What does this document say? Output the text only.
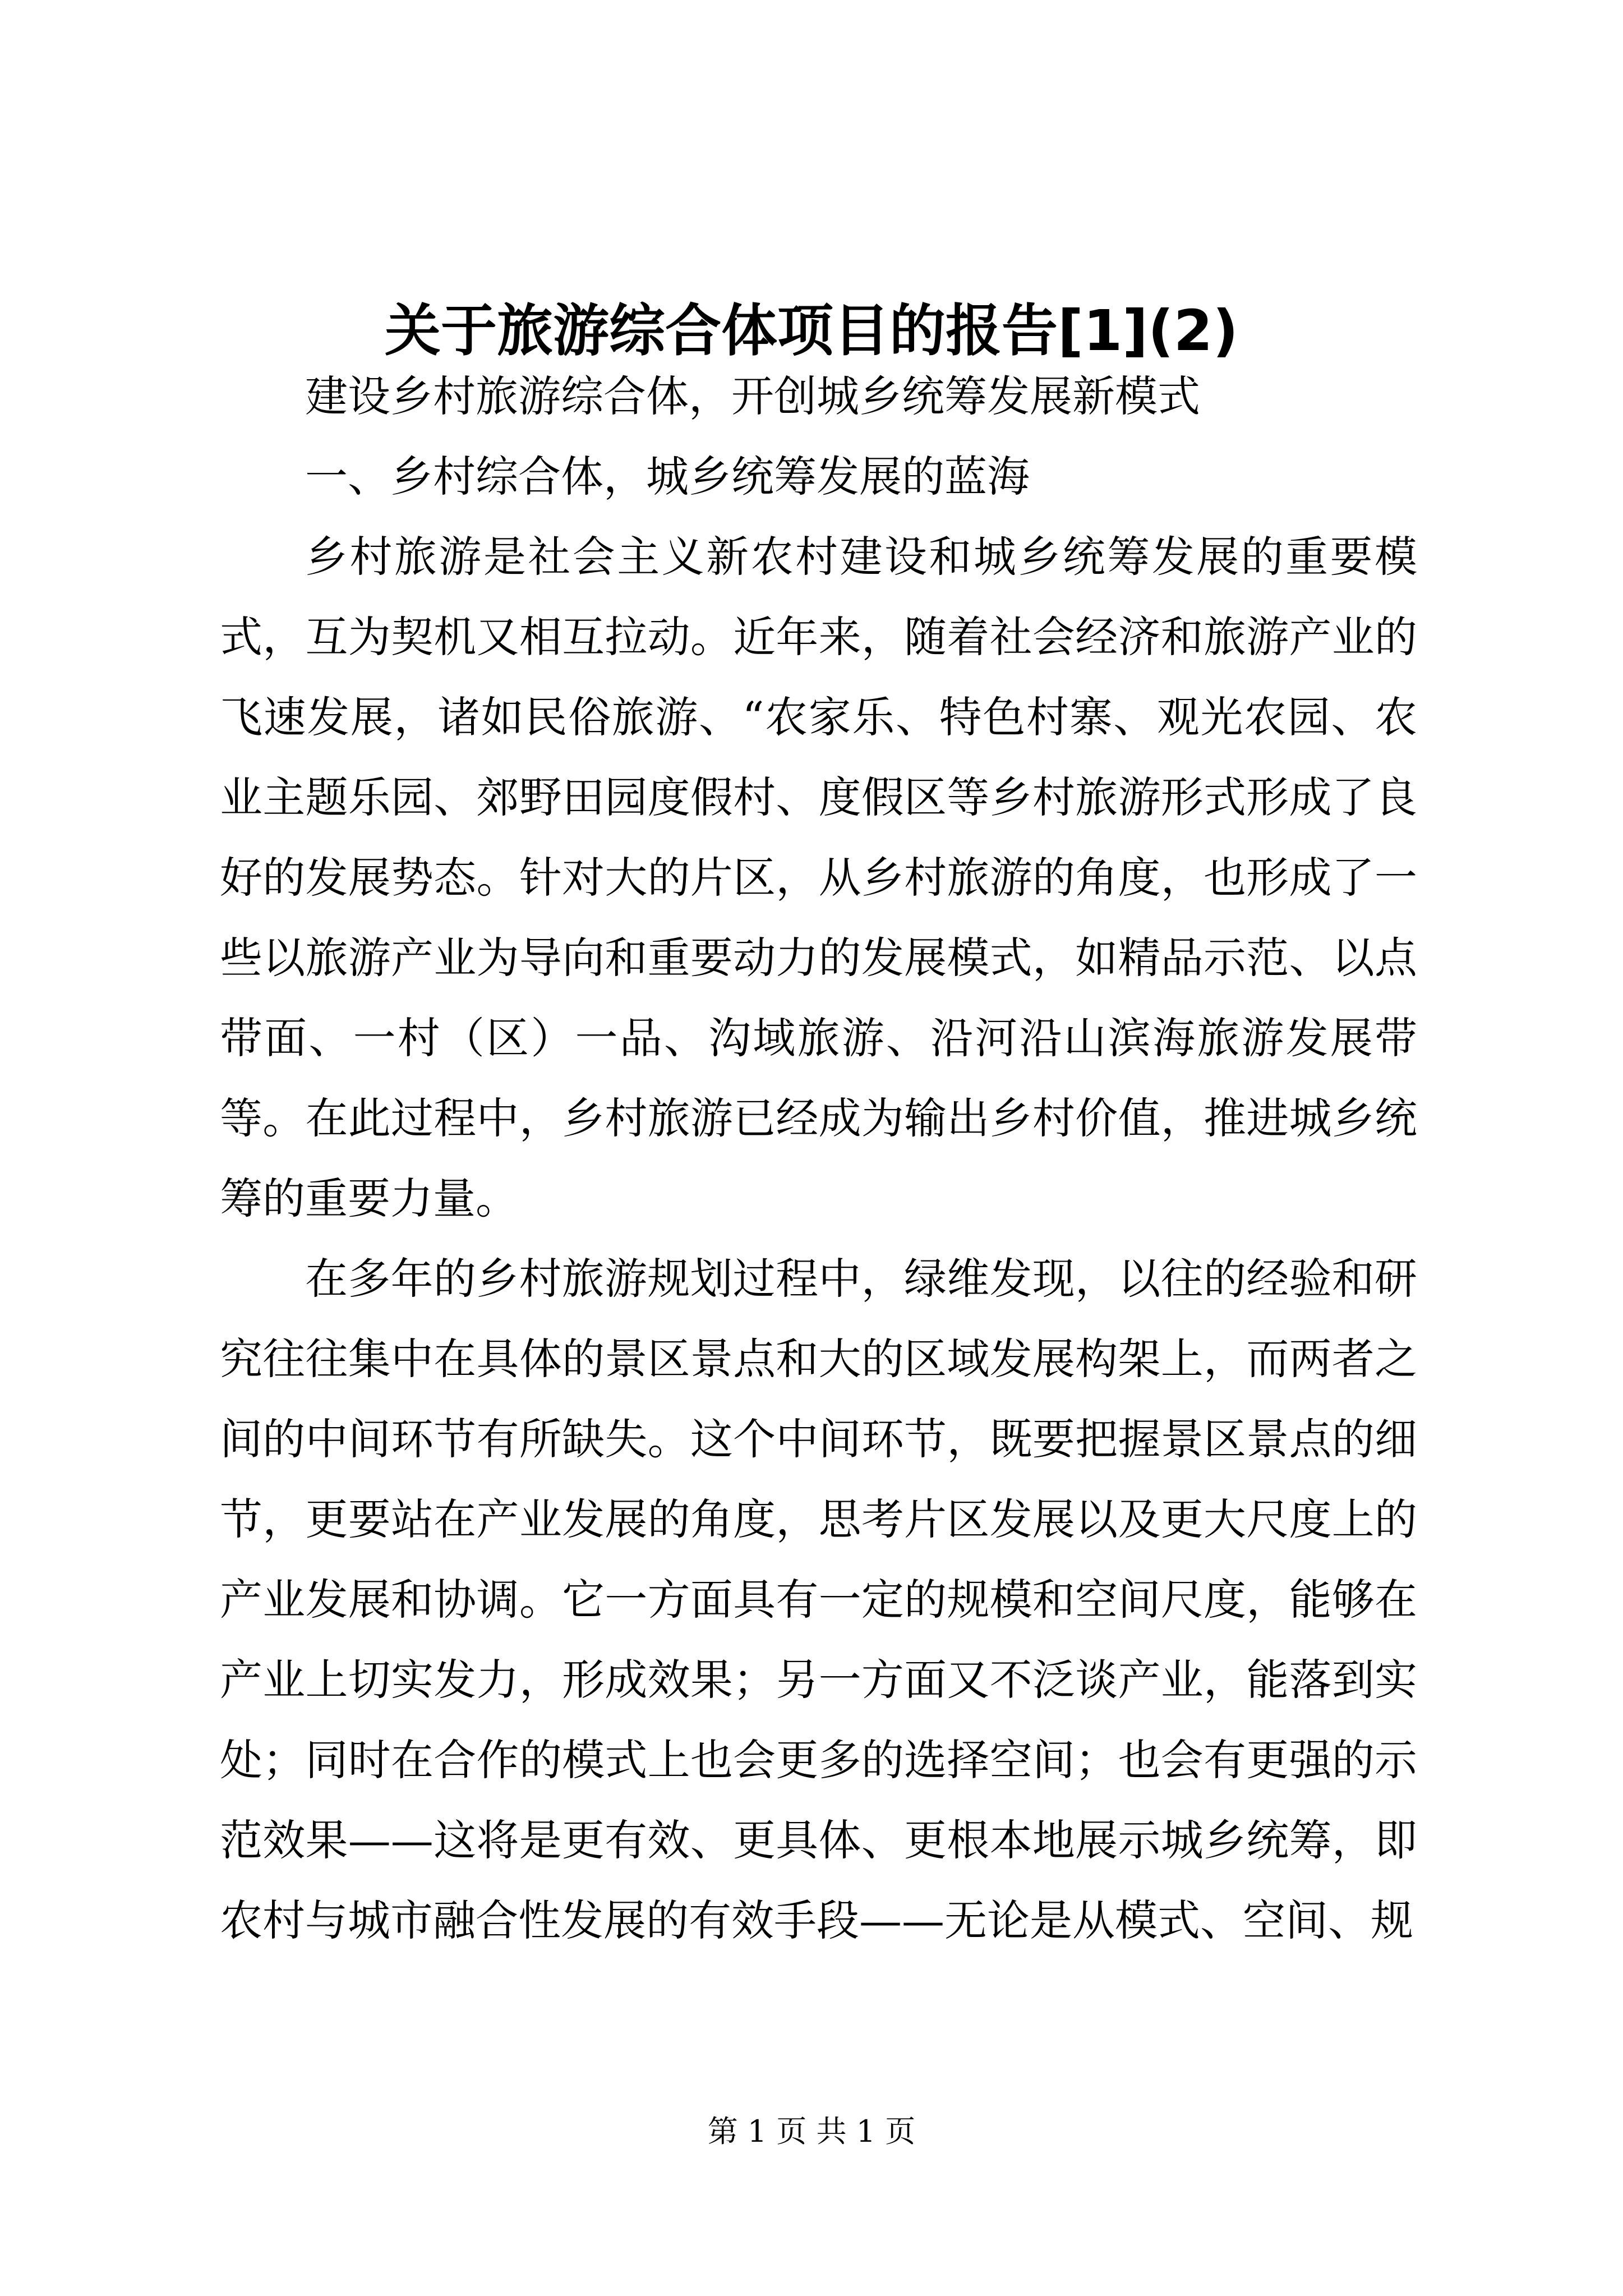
关于旅游综合体项目的报告[1](2)

建设乡村旅游综合体，开创城乡统筹发展新模式

一、乡村综合体，城乡统筹发展的蓝海

乡村旅游是社会主义新农村建设和城乡统筹发展的重要模式，互为契机又相互拉动。近年来，随着社会经济和旅游产业的飞速发展，诸如民俗旅游、“农家乐、特色村寨、观光农园、农业主题乐园、郊野田园度假村、度假区等乡村旅游形式形成了良好的发展势态。针对大的片区，从乡村旅游的角度，也形成了一些以旅游产业为导向和重要动力的发展模式，如精品示范、以点带面、一村（区）一品、沟域旅游、沿河沿山滨海旅游发展带等。在此过程中，乡村旅游已经成为输出乡村价值，推进城乡统筹的重要力量。

在多年的乡村旅游规划过程中，绿维发现，以往的经验和研究往往集中在具体的景区景点和大的区域发展构架上，而两者之间的中间环节有所缺失。这个中间环节，既要把握景区景点的细节，更要站在产业发展的角度，思考片区发展以及更大尺度上的产业发展和协调。它一方面具有一定的规模和空间尺度，能够在产业上切实发力，形成效果；另一方面又不泛谈产业，能落到实处；同时在合作的模式上也会更多的选择空间；也会有更强的示范效果——这将是更有效、更具体、更根本地展示城乡统筹，即农村与城市融合性发展的有效手段——无论是从模式、空间、规

第 1 页 共 1 页
